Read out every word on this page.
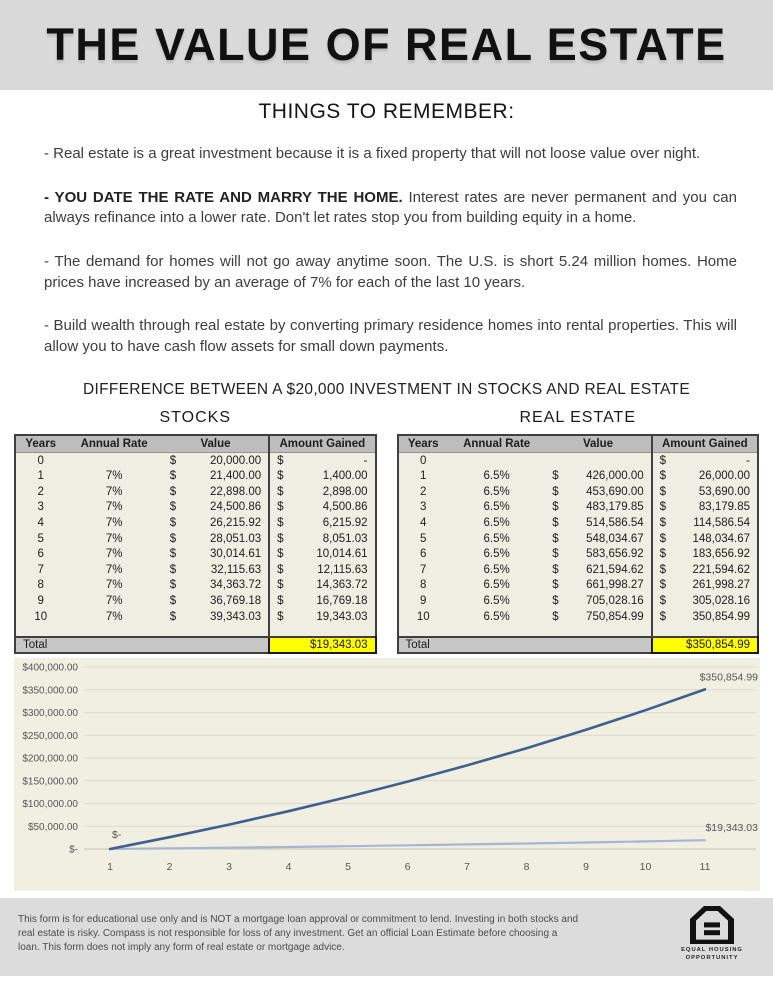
THE VALUE OF REAL ESTATE
THINGS TO REMEMBER:

- Real estate is a great investment because it is a fixed property that will not loose value over night.

- YOU DATE THE RATE AND MARRY THE HOME. Interest rates are never permanent and you can always refinance into a lower rate. Don't let rates stop you from building equity in a home.

- The demand for homes will not go away anytime soon. The U.S. is short 5.24 million homes. Home prices have increased by an average of 7% for each of the last 10 years.

- Build wealth through real estate by converting primary residence homes into rental properties. This will allow you to have cash flow assets for small down payments.

DIFFERENCE BETWEEN A $20,000 INVESTMENT IN STOCKS AND REAL ESTATE
STOCKS
Years	Annual Rate	Value	Amount Gained
0		$ 20,000.00	$ -

1	7%	$ 21,400.00	$ 1,400.00

2	7%	$ 22,898.00	$ 2,898.00

3	7%	$ 24,500.86	$ 4,500.86

4	7%	$ 26,215.92	$ 6,215.92

5	7%	$ 28,051.03	$ 8,051.03

6	7%	$ 30,014.61	$ 10,014.61

7	7%	$ 32,115.63	$ 12,115.63

8	7%	$ 34,363.72	$ 14,363.72

9	7%	$ 36,769.18	$ 16,769.18

10	7%	$ 39,343.03	$ 19,343.03

Total			$19,343.03
REAL ESTATE
Years	Annual Rate	Value	Amount Gained
0			$ -

1	6.5%	$ 426,000.00	$ 26,000.00

2	6.5%	$ 453,690.00	$ 53,690.00

3	6.5%	$ 483,179.85	$ 83,179.85

4	6.5%	$ 514,586.54	$ 114,586.54

5	6.5%	$ 548,034.67	$ 148,034.67

6	6.5%	$ 583,656.92	$ 183,656.92

7	6.5%	$ 621,594.62	$ 221,594.62

8	6.5%	$ 661,998.27	$ 261,998.27

9	6.5%	$ 705,028.16	$ 305,028.16

10	6.5%	$ 750,854.99	$ 350,854.99

Total			$350,854.99
$-
$50,000.00
$100,000.00
$150,000.00
$200,000.00
$250,000.00
$300,000.00
$350,000.00
$400,000.00
1	2	3	4	5	6	7	8	9	10	11
$19,343.03
$-
$350,854.99
This form is for educational use only and is NOT a mortgage loan approval or commitment to lend. Investing in both stocks and real estate is risky. Compass is not responsible for loss of any investment. Get an official Loan Estimate before choosing a loan. This form does not imply any form of real estate or mortgage advice.	EQUAL HOUSING
OPPORTUNITY
